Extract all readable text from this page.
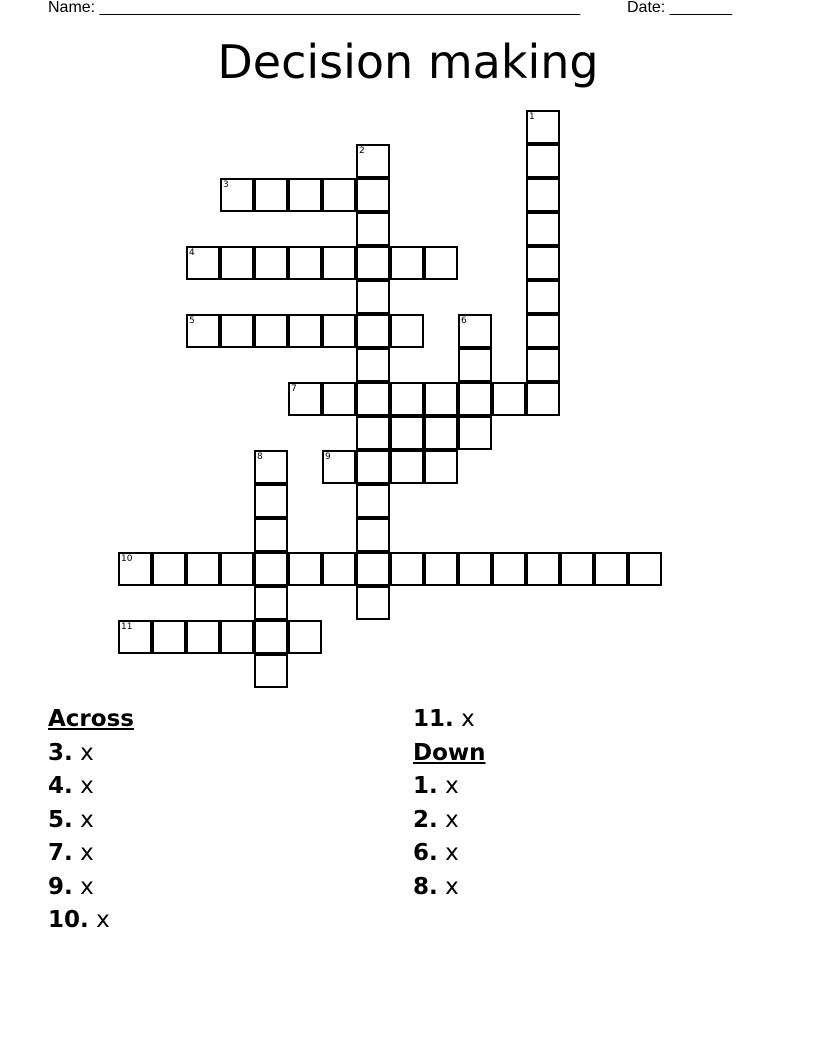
Name: ______________________________________________________	Date: _______
Decision making
1
2
3
4
5	6
7
8	9
10
11
Across
3. x
4. x
5. x
7. x
9. x
10. x
11. x
Down
1. x
2. x
6. x
8. x
